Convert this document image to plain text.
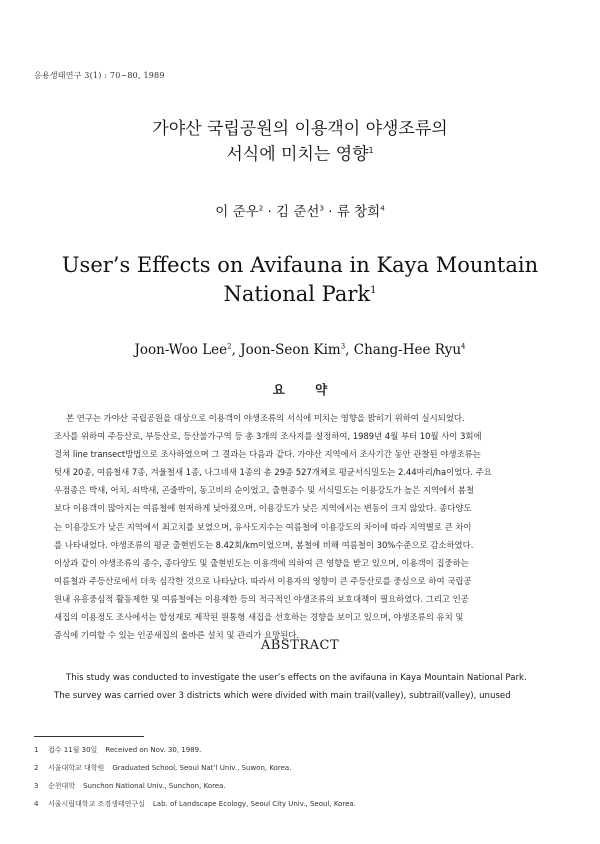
응용생태연구 3(1) : 70~80, 1989
가야산 국립공원의 이용객이 야생조류의
서식에 미치는 영향$^1$
이 준우$^2$ · 김 준선$^3$ · 류 창희$^4$
User’s Effects on Avifauna in Kaya Mountain
National Park$^1$
Joon-Woo Lee$^2$, Joon-Seon Kim$^3$, Chang-Hee Ryu$^4$
요 약
본 연구는 가야산 국립공원을 대상으로 이용객이 야생조류의 서식에 미치는 영향을 밝히기 위하여 실시되었다.
조사를 위하여 주등산로, 부등산로, 등산불가구역 등 총 3개의 조사지를 설정하여, 1989년 4월 부터 10월 사이 3회에
걸쳐 line transect방법으로 조사하였으며 그 결과는 다음과 같다. 가야산 지역에서 조사기간 동안 관찰된 야생조류는
텃새 20종, 여름철새 7종, 겨울철새 1종, 나그네새 1종의 총 29종 527개체로 평균서식밀도는 2.44마리/ha이었다. 주요
우점종은 박새, 어치, 쇠박새, 곤줄박이, 동고비의 순이었고, 출현종수 및 서식밀도는 이용강도가 높은 지역에서 봄철
보다 이용객이 많아지는 여름철에 현저하게 낮아졌으며, 이용강도가 낮은 지역에서는 변동이 크지 않았다. 종다양도
는 이용강도가 낮은 지역에서 최고치를 보였으며, 유사도지수는 여름철에 이용강도의 차이에 따라 지역별로 큰 차이
를 나타내었다. 야생조류의 평균 출현빈도는 8.42회/km이었으며, 봄철에 비해 여름철이 30%수준으로 감소하였다.
이상과 같이 야생조류의 종수, 종다양도 및 출현빈도는 이용객에 의하여 큰 영향을 받고 있으며, 이용객이 집중하는
여름철과 주등산로에서 더욱 심각한 것으로 나타났다. 따라서 이용자의 영향이 큰 주등산로를 중심으로 하여 국립공
원내 유흥중심적 활동제한 및 여름철에는 이용제한 등의 적극적인 야생조류의 보호대책이 필요하였다. 그리고 인공
새집의 이용정도 조사에서는 합성재로 제작된 원통형 새집을 선호하는 경향을 보이고 있으며, 야생조류의 유치 및
증식에 기여할 수 있는 인공새집의 올바른 설치 및 관리가 요망된다.
ABSTRACT
This study was conducted to investigate the user’s effects on the avifauna in Kaya Mountain National Park.
The survey was carried over 3 districts which were divided with main trail(valley), subtrail(valley), unused
1 접수 11월 30일 Received on Nov. 30, 1989.
2 서울대학교 대학원 Graduated School, Seoul Nat’l Univ., Suwon, Korea.
3 순천대학 Sunchon National Univ., Sunchon, Korea.
4 서울시립대학교 조경생태연구실 Lab. of Landscape Ecology, Seoul City Univ., Seoul, Korea.
